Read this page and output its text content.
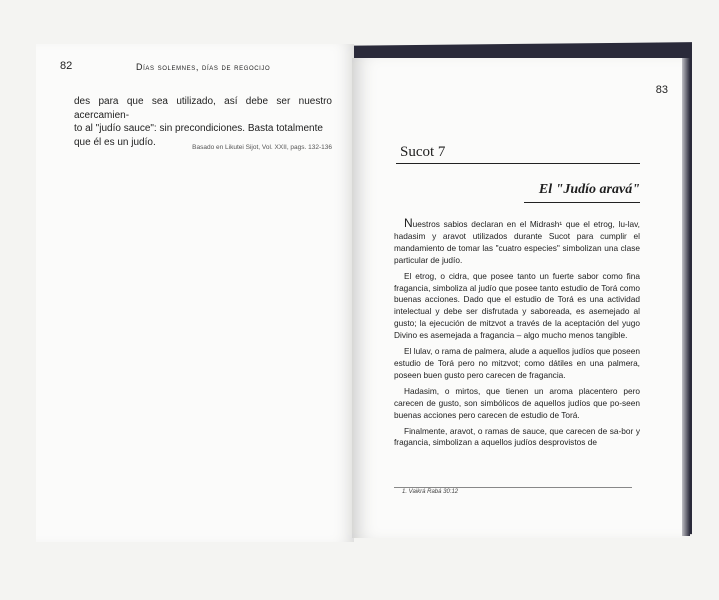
82	Días solemnes, días de regocijo

des para que sea utilizado, así debe ser nuestro acercamien-

to al "judío sauce": sin precondiciones. Basta totalmente

que él es un judío.	Basado en Likutei Sijot, Vol. XXII, pags. 132-136
83
Sucot 7
El "Judío aravá"

Nuestros sabios declaran en el Midrash¹ que el etrog, lu-lav, hadasim y aravot utilizados durante Sucot para cumplir el mandamiento de tomar las "cuatro especies" simbolizan una clase particular de judío.

El etrog, o cidra, que posee tanto un fuerte sabor como fina fragancia, simboliza al judío que posee tanto estudio de Torá como buenas acciones. Dado que el estudio de Torá es una actividad intelectual y debe ser disfrutada y saboreada, es asemejado al gusto; la ejecución de mitzvot a través de la aceptación del yugo Divino es asemejada a fragancia – algo mucho menos tangible.

El lulav, o rama de palmera, alude a aquellos judíos que poseen estudio de Torá pero no mitzvot; como dátiles en una palmera, poseen buen gusto pero carecen de fragancia.

Hadasim, o mirtos, que tienen un aroma placentero pero carecen de gusto, son simbólicos de aquellos judíos que po-seen buenas acciones pero carecen de estudio de Torá.

Finalmente, aravot, o ramas de sauce, que carecen de sa-bor y fragancia, simbolizan a aquellos judíos desprovistos de

1. Vaikrá Rabá 30:12
